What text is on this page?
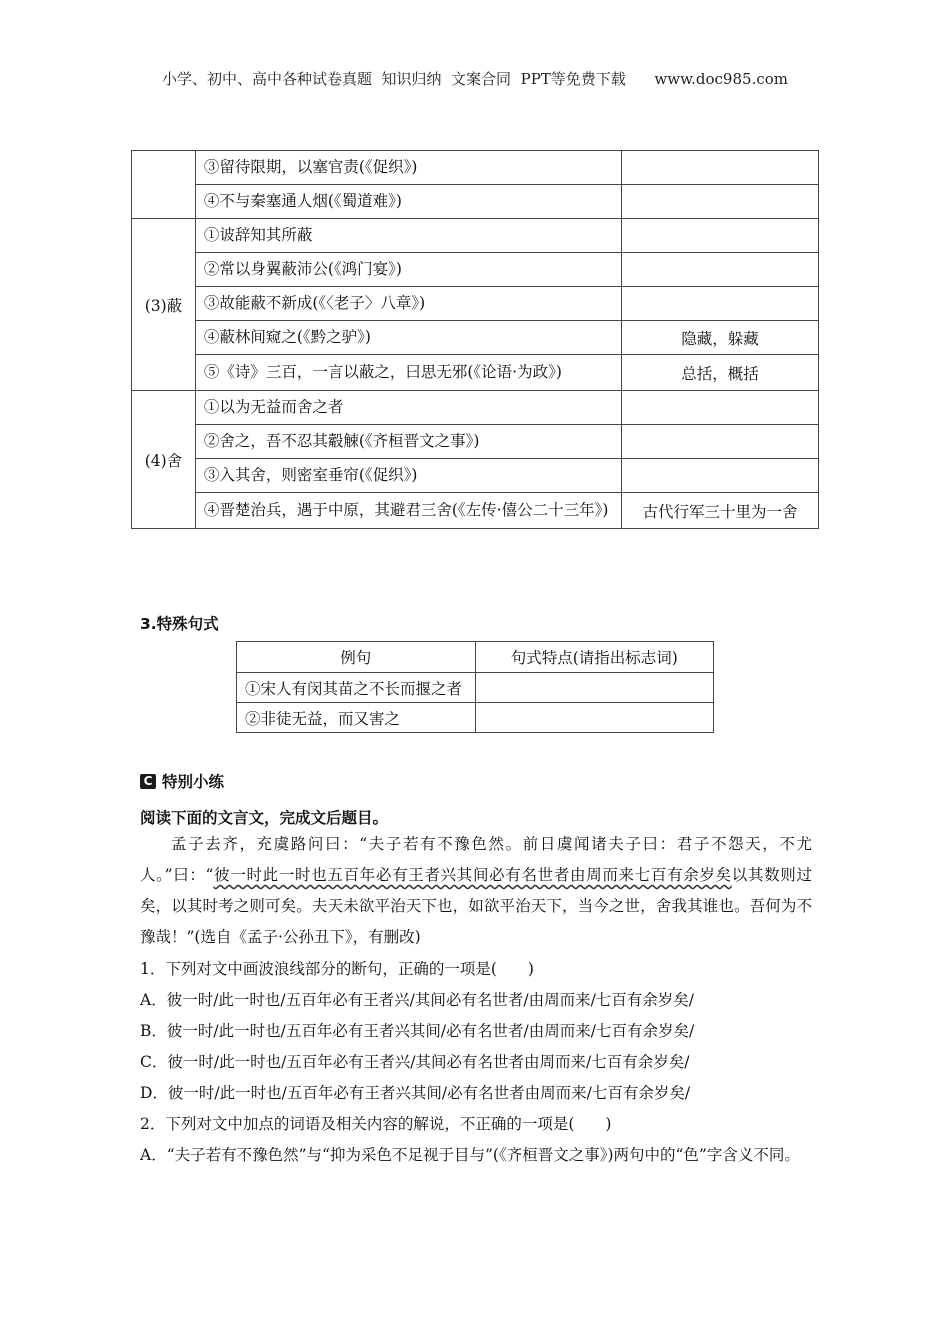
小学、初中、高中各种试卷真题  知识归纳  文案合同  PPT等免费下载      www.doc985.com
	③留待限期，以塞官责(《促织》)	
	④不与秦塞通人烟(《蜀道难》)	
(3)蔽	①诐辞知其所蔽	
	②常以身翼蔽沛公(《鸿门宴》)	
	③故能蔽不新成(《〈老子〉八章》)	
	④蔽林间窥之(《黔之驴》)	隐藏，躲藏
	⑤《诗》三百，一言以蔽之，曰思无邪(《论语·为政》)	总括，概括
(4)舍	①以为无益而舍之者	
	②舍之，吾不忍其觳觫(《齐桓晋文之事》)	
	③入其舍，则密室垂帘(《促织》)	
	④晋楚治兵，遇于中原，其避君三舍(《左传·僖公二十三年》)	古代行军三十里为一舍
3.特殊句式
例句	句式特点(请指出标志词)
①宋人有闵其苗之不长而揠之者	
②非徒无益，而又害之	
C 特别小练
阅读下面的文言文，完成文后题目。
孟子去齐，充虞路问曰：“夫子若有不豫色然。前日虞闻诸夫子曰：君子不怨天，不尤人。”曰：“彼一时此一时也五百年必有王者兴其间必有名世者由周而来七百有余岁矣以其数则过矣，以其时考之则可矣。夫天未欲平治天下也，如欲平治天下，当今之世，舍我其谁也。吾何为不豫哉！”(选自《孟子·公孙丑下》，有删改)
1．下列对文中画波浪线部分的断句，正确的一项是(　　)
A．彼一时/此一时也/五百年必有王者兴/其间必有名世者/由周而来/七百有余岁矣/
B．彼一时/此一时也/五百年必有王者兴其间/必有名世者/由周而来/七百有余岁矣/
C．彼一时/此一时也/五百年必有王者兴/其间必有名世者由周而来/七百有余岁矣/
D．彼一时/此一时也/五百年必有王者兴其间/必有名世者由周而来/七百有余岁矣/
2．下列对文中加点的词语及相关内容的解说，不正确的一项是(　　)
A．“夫子若有不豫色然”与“抑为采色不足视于目与”(《齐桓晋文之事》)两句中的“色”字含义不同。
